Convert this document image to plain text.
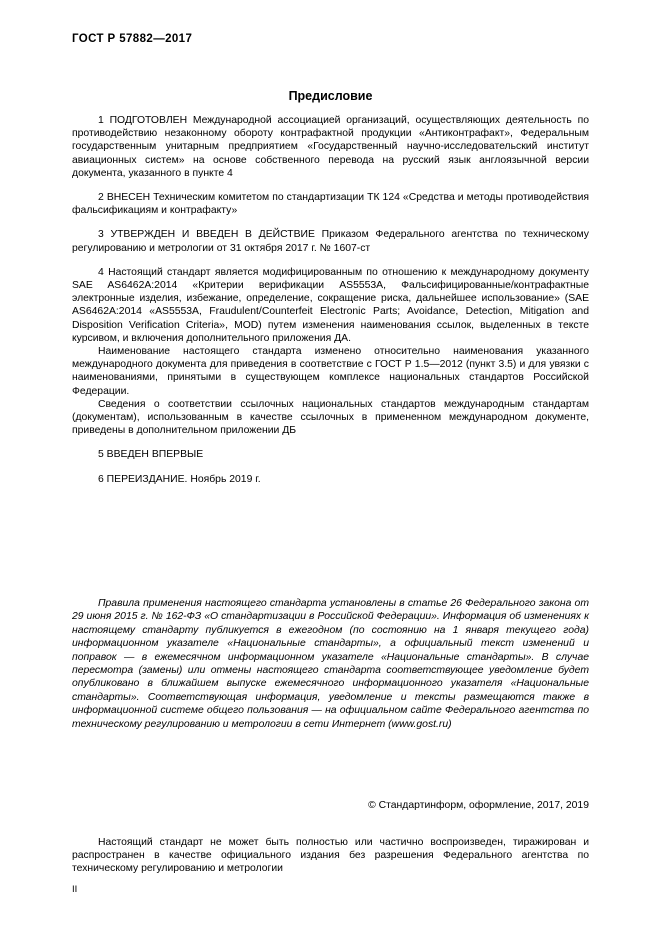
ГОСТ Р 57882—2017
Предисловие

1 ПОДГОТОВЛЕН Международной ассоциацией организаций, осуществляющих деятельность по противодействию незаконному обороту контрафактной продукции «Антиконтрафакт», Федеральным государственным унитарным предприятием «Государственный научно-исследовательский институт авиационных систем» на основе собственного перевода на русский язык англоязычной версии документа, указанного в пункте 4

2 ВНЕСЕН Техническим комитетом по стандартизации ТК 124 «Средства и методы противодействия фальсификациям и контрафакту»

3 УТВЕРЖДЕН И ВВЕДЕН В ДЕЙСТВИЕ Приказом Федерального агентства по техническому регулированию и метрологии от 31 октября 2017 г. № 1607-ст

4 Настоящий стандарт является модифицированным по отношению к международному документу SAE AS6462A:2014 «Критерии верификации AS5553A, Фальсифицированные/контрафактные электронные изделия, избежание, определение, сокращение риска, дальнейшее использование» (SAE AS6462A:2014 «AS5553A, Fraudulent/Counterfeit Electronic Parts; Avoidance, Detection, Mitigation and Disposition Verification Criteria», MOD) путем изменения наименования ссылок, выделенных в тексте курсивом, и включения дополнительного приложения ДА.

Наименование настоящего стандарта изменено относительно наименования указанного международного документа для приведения в соответствие с ГОСТ Р 1.5—2012 (пункт 3.5) и для увязки с наименованиями, принятыми в существующем комплексе национальных стандартов Российской Федерации.

Сведения о соответствии ссылочных национальных стандартов международным стандартам (документам), использованным в качестве ссылочных в примененном международном документе, приведены в дополнительном приложении ДБ

5 ВВЕДЕН ВПЕРВЫЕ

6 ПЕРЕИЗДАНИЕ. Ноябрь 2019 г.

Правила применения настоящего стандарта установлены в статье 26 Федерального закона от 29 июня 2015 г. № 162-ФЗ «О стандартизации в Российской Федерации». Информация об изменениях к настоящему стандарту публикуется в ежегодном (по состоянию на 1 января текущего года) информационном указателе «Национальные стандарты», а официальный текст изменений и поправок — в ежемесячном информационном указателе «Национальные стандарты». В случае пересмотра (замены) или отмены настоящего стандарта соответствующее уведомление будет опубликовано в ближайшем выпуске ежемесячного информационного указателя «Национальные стандарты». Соответствующая информация, уведомление и тексты размещаются также в информационной системе общего пользования — на официальном сайте Федерального агентства по техническому регулированию и метрологии в сети Интернет (www.gost.ru)

© Стандартинформ, оформление, 2017, 2019

Настоящий стандарт не может быть полностью или частично воспроизведен, тиражирован и распространен в качестве официального издания без разрешения Федерального агентства по техническому регулированию и метрологии

II
